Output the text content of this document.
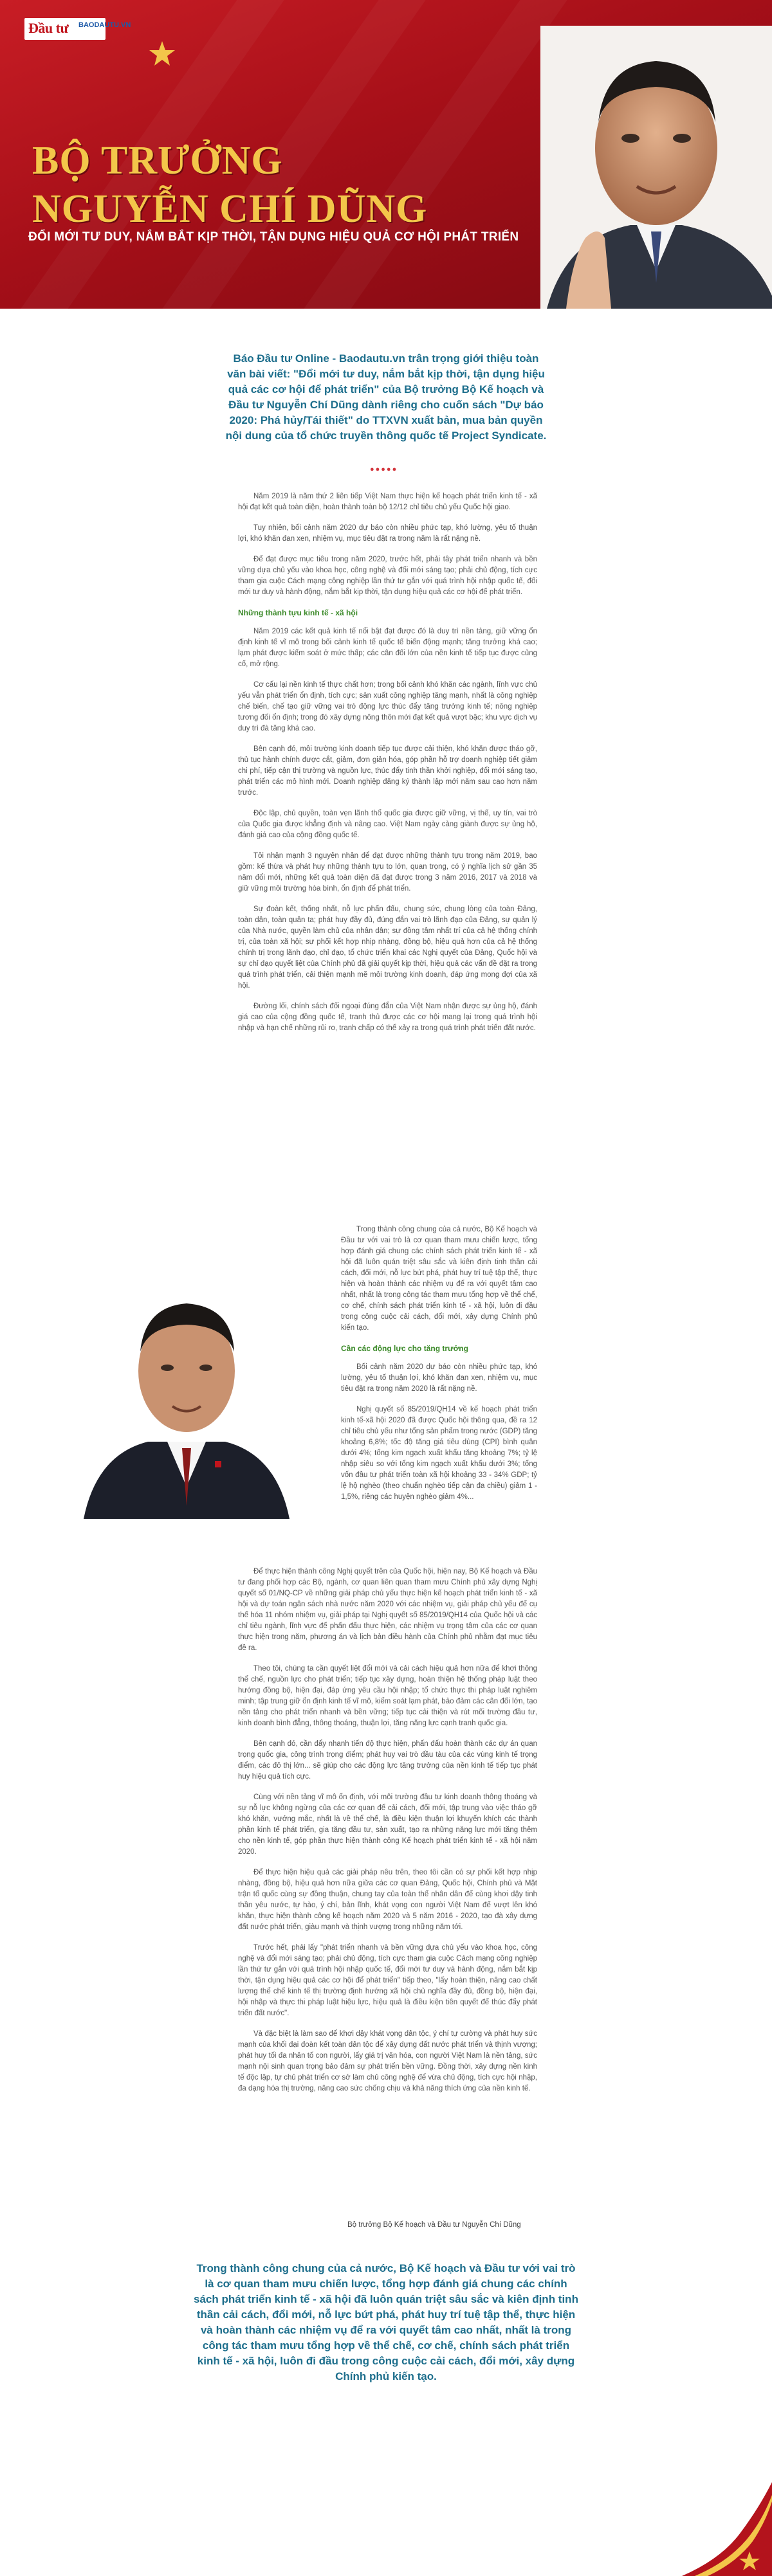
Đầu tư BAODAUTU.VN
BỘ TRƯỞNG
NGUYỄN CHÍ DŨNG
ĐỔI MỚI TƯ DUY, NẮM BẮT KỊP THỜI, TẬN DỤNG HIỆU QUẢ CƠ HỘI PHÁT TRIỂN
Báo Đầu tư Online - Baodautu.vn trân trọng giới thiệu toàn văn bài viết: "Đổi mới tư duy, nắm bắt kịp thời, tận dụng hiệu quả các cơ hội để phát triển" của Bộ trưởng Bộ Kế hoạch và Đầu tư Nguyễn Chí Dũng dành riêng cho cuốn sách "Dự báo 2020: Phá hủy/Tái thiết" do TTXVN xuất bản, mua bản quyền nội dung của tổ chức truyền thông quốc tế Project Syndicate.
●●●●●

Năm 2019 là năm thứ 2 liên tiếp Việt Nam thực hiện kế hoạch phát triển kinh tế - xã hội đạt kết quả toàn diện, hoàn thành toàn bộ 12/12 chỉ tiêu chủ yếu Quốc hội giao.

Tuy nhiên, bối cảnh năm 2020 dự báo còn nhiều phức tạp, khó lường, yêu tố thuận lợi, khó khăn đan xen, nhiệm vụ, mục tiêu đặt ra trong năm là rất nặng nề.

Để đạt được mục tiêu trong năm 2020, trước hết, phải tây phát triển nhanh và bền vững dựa chủ yếu vào khoa học, công nghệ và đổi mới sáng tạo; phải chủ động, tích cực tham gia cuộc Cách mạng công nghiệp lần thứ tư gắn với quá trình hội nhập quốc tế, đổi mới tư duy và hành động, nắm bắt kịp thời, tận dụng hiệu quả các cơ hội để phát triển.

Những thành tựu kinh tế - xã hội

Năm 2019 các kết quả kinh tế nổi bật đạt được đó là duy trì nền tảng, giữ vững ổn định kinh tế vĩ mô trong bối cảnh kinh tế quốc tế biến động mạnh; tăng trưởng khá cao; lạm phát được kiểm soát ở mức thấp; các cân đối lớn của nền kinh tế tiếp tục được củng cố, mở rộng.

Cơ cấu lại nền kinh tế thực chất hơn; trong bối cảnh khó khăn các ngành, lĩnh vực chủ yếu vẫn phát triển ổn định, tích cực; sản xuất công nghiệp tăng mạnh, nhất là công nghiệp chế biến, chế tạo giữ vững vai trò động lực thúc đẩy tăng trưởng kinh tế; nông nghiệp tương đối ổn định; trong đó xây dựng nông thôn mới đạt kết quả vượt bậc; khu vực dịch vụ duy trì đà tăng khá cao.

Bên cạnh đó, môi trường kinh doanh tiếp tục được cải thiện, khó khăn được tháo gỡ, thủ tục hành chính được cắt, giảm, đơn giản hóa, góp phần hỗ trợ doanh nghiệp tiết giảm chi phí, tiếp cận thị trường và nguồn lực, thúc đẩy tinh thần khởi nghiệp, đổi mới sáng tạo, phát triển các mô hình mới. Doanh nghiệp đăng ký thành lập mới năm sau cao hơn năm trước.

Độc lập, chủ quyền, toàn vẹn lãnh thổ quốc gia được giữ vững, vị thế, uy tín, vai trò của Quốc gia được khẳng định và nâng cao. Việt Nam ngày càng giành được sự ủng hộ, đánh giá cao của cộng đồng quốc tế.

Tôi nhận mạnh 3 nguyên nhân để đạt được những thành tựu trong năm 2019, bao gồm: kế thừa và phát huy những thành tựu to lớn, quan trọng, có ý nghĩa lịch sử gần 35 năm đổi mới, những kết quả toàn diện đã đạt được trong 3 năm 2016, 2017 và 2018 và giữ vững môi trường hòa bình, ổn định để phát triển.

Sự đoàn kết, thống nhất, nỗ lực phấn đấu, chung sức, chung lòng của toàn Đảng, toàn dân, toàn quân ta; phát huy đầy đủ, đúng đắn vai trò lãnh đạo của Đảng, sự quản lý của Nhà nước, quyền làm chủ của nhân dân; sự đồng tâm nhất trí của cả hệ thống chính trị, của toàn xã hội; sự phối kết hợp nhịp nhàng, đồng bộ, hiệu quả hơn của cả hệ thống chính trị trong lãnh đạo, chỉ đạo, tổ chức triển khai các Nghị quyết của Đảng, Quốc hội và sự chỉ đạo quyết liệt của Chính phủ đã giải quyết kịp thời, hiệu quả các vấn đề đặt ra trong quá trình phát triển, cải thiện mạnh mẽ môi trường kinh doanh, đáp ứng mong đợi của xã hội.

Đường lối, chính sách đối ngoại đúng đắn của Việt Nam nhận được sự ủng hộ, đánh giá cao của cộng đồng quốc tế, tranh thủ được các cơ hội mang lại trong quá trình hội nhập và hạn chế những rủi ro, tranh chấp có thể xảy ra trong quá trình phát triển đất nước.

Trong thành công chung của cả nước, Bộ Kế hoạch và Đầu tư với vai trò là cơ quan tham mưu chiến lược, tổng hợp đánh giá chung các chính sách phát triển kinh tế - xã hội đã luôn quán triệt sâu sắc và kiên định tinh thần cải cách, đổi mới, nỗ lực bứt phá, phát huy trí tuệ tập thể, thực hiện và hoàn thành các nhiệm vụ để ra với quyết tâm cao nhất, nhất là trong công tác tham mưu tổng hợp về thể chế, cơ chế, chính sách phát triển kinh tế - xã hội, luôn đi đầu trong công cuộc cải cách, đổi mới, xây dựng Chính phủ kiến tạo.

Cần các động lực cho tăng trưởng

Bối cảnh năm 2020 dự báo còn nhiều phức tạp, khó lường, yêu tố thuận lợi, khó khăn đan xen, nhiệm vụ, mục tiêu đặt ra trong năm 2020 là rất nặng nề.

Nghị quyết số 85/2019/QH14 về kế hoạch phát triển kinh tế-xã hội 2020 đã được Quốc hội thông qua, đề ra 12 chỉ tiêu chủ yếu như tổng sản phẩm trong nước (GDP) tăng khoảng 6,8%; tốc độ tăng giá tiêu dùng (CPI) bình quân dưới 4%; tổng kim ngạch xuất khẩu tăng khoảng 7%; tỷ lệ nhập siêu so với tổng kim ngạch xuất khẩu dưới 3%; tổng vốn đầu tư phát triển toàn xã hội khoảng 33 - 34% GDP; tỷ lệ hộ nghèo (theo chuẩn nghèo tiếp cận đa chiều) giảm 1 - 1,5%, riêng các huyện nghèo giảm 4%...

Để thực hiện thành công Nghị quyết trên của Quốc hội, hiện nay, Bộ Kế hoạch và Đầu tư đang phối hợp các Bộ, ngành, cơ quan liên quan tham mưu Chính phủ xây dựng Nghị quyết số 01/NQ-CP về những giải pháp chủ yếu thực hiện kế hoạch phát triển kinh tế - xã hội và dự toán ngân sách nhà nước năm 2020 với các nhiệm vụ, giải pháp chủ yếu để cụ thể hóa 11 nhóm nhiệm vụ, giải pháp tại Nghị quyết số 85/2019/QH14 của Quốc hội và các chỉ tiêu ngành, lĩnh vực để phấn đấu thực hiện, các nhiệm vụ trọng tâm của các cơ quan thực hiện trong năm, phương án và lịch bản điều hành của Chính phủ nhằm đạt mục tiêu đề ra.

Theo tôi, chúng ta cần quyết liệt đổi mới và cải cách hiệu quả hơn nữa để khơi thông thể chế, nguồn lực cho phát triển; tiếp tục xây dựng, hoàn thiện hệ thống pháp luật theo hướng đồng bộ, hiện đại, đáp ứng yêu cầu hội nhập; tổ chức thực thi pháp luật nghiêm minh; tập trung giữ ổn định kinh tế vĩ mô, kiểm soát lạm phát, bảo đảm các cân đối lớn, tạo nền tảng cho phát triển nhanh và bền vững; tiếp tục cải thiện và rút mối trường đầu tư, kinh doanh bình đẳng, thông thoáng, thuận lợi, tăng năng lực cạnh tranh quốc gia.

Bên cạnh đó, cần đẩy nhanh tiến độ thực hiện, phấn đấu hoàn thành các dự án quan trọng quốc gia, công trình trọng điểm; phát huy vai trò đầu tàu của các vùng kinh tế trọng điểm, các đô thị lớn... sẽ giúp cho các động lực tăng trưởng của nền kinh tế tiếp tục phát huy hiệu quả tích cực.

Cùng với nền tảng vĩ mô ổn định, với môi trường đầu tư kinh doanh thông thoáng và sự nỗ lực không ngừng của các cơ quan để cải cách, đổi mới, tập trung vào việc tháo gỡ khó khăn, vướng mắc, nhất là về thể chế, là điều kiện thuận lợi khuyến khích các thành phần kinh tế phát triển, gia tăng đầu tư, sản xuất, tạo ra những năng lực mới tăng thêm cho nền kinh tế, góp phần thực hiện thành công Kế hoạch phát triển kinh tế - xã hội năm 2020.

Để thực hiện hiệu quả các giải pháp nêu trên, theo tôi cần có sự phối kết hợp nhịp nhàng, đồng bộ, hiệu quả hơn nữa giữa các cơ quan Đảng, Quốc hội, Chính phủ và Mặt trận tổ quốc cùng sự đồng thuận, chung tay của toàn thể nhân dân để cùng khơi dậy tinh thần yêu nước, tự hào, ý chí, bản lĩnh, khát vọng con người Việt Nam để vượt lên khó khăn, thực hiện thành công kế hoạch năm 2020 và 5 năm 2016 - 2020, tạo đà xây dựng đất nước phát triển, giàu mạnh và thịnh vượng trong những năm tới.

Trước hết, phải lấy "phát triển nhanh và bền vững dựa chủ yếu vào khoa học, công nghệ và đổi mới sáng tạo; phải chủ động, tích cực tham gia cuộc Cách mạng công nghiệp lần thứ tư gắn với quá trình hội nhập quốc tế, đổi mới tư duy và hành động, nắm bắt kịp thời, tận dụng hiệu quả các cơ hội để phát triển" tiếp theo, "lấy hoàn thiện, nâng cao chất lượng thể chế kinh tế thị trường định hướng xã hội chủ nghĩa đầy đủ, đồng bộ, hiện đại, hội nhập và thực thi pháp luật hiệu lực, hiệu quả là điều kiện tiên quyết để thúc đẩy phát triển đất nước".

Và đặc biệt là làm sao để khơi dậy khát vọng dân tộc, ý chí tự cường và phát huy sức mạnh của khối đại đoàn kết toàn dân tộc để xây dựng đất nước phát triển và thịnh vượng; phát huy tối đa nhân tố con người, lấy giá trị văn hóa, con người Việt Nam là nền tảng, sức mạnh nội sinh quan trọng bảo đảm sự phát triển bền vững. Đồng thời, xây dựng nền kinh tế độc lập, tự chủ phát triển cơ sở làm chủ công nghệ để vừa chủ động, tích cực hội nhập, đa dạng hóa thị trường, nâng cao sức chống chịu và khả năng thích ứng của nền kinh tế.

Bộ trưởng Bộ Kế hoạch và Đầu tư Nguyễn Chí Dũng
Trong thành công chung của cả nước, Bộ Kế hoạch và Đầu tư với vai trò là cơ quan tham mưu chiến lược, tổng hợp đánh giá chung các chính sách phát triển kinh tế - xã hội đã luôn quán triệt sâu sắc và kiên định tinh thần cải cách, đổi mới, nỗ lực bứt phá, phát huy trí tuệ tập thể, thực hiện và hoàn thành các nhiệm vụ để ra với quyết tâm cao nhất, nhất là trong công tác tham mưu tổng hợp về thể chế, cơ chế, chính sách phát triển kinh tế - xã hội, luôn đi đầu trong công cuộc cải cách, đổi mới, xây dựng Chính phủ kiến tạo.
